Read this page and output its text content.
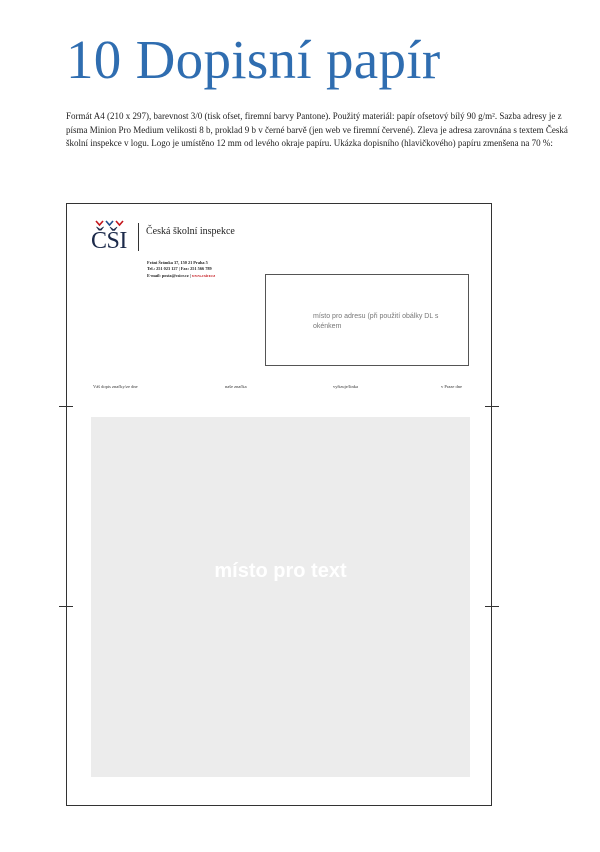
10 Dopisní papír

Formát A4 (210 x 297), barevnost 3/0 (tisk ofset, firemní barvy Pantone). Použitý materiál: papír ofsetový bílý 90 g/m². Sazba adresy je z písma Minion Pro Medium velikosti 8 b, proklad 9 b v černé barvě (jen web ve firemní červené). Zleva je adresa zarovnána s textem Česká školní inspekce v logu. Logo je umístěno 12 mm od levého okraje papíru. Ukázka dopisního (hlavičkového) papíru zmenšena na 70 %:

ČŠI Česká školní inspekce
Fráni Šrámka 37, 150 21 Praha 5
Tel.: 251 023 127 | Fax: 251 566 789
E-mail: posta@csicr.cz | www.csicr.cz
místo pro adresu (při použití obálky DL s okénkem
Váš dopis značky/ze dne	naše značka	vyřizuje/linka	v Praze dne
místo pro text
